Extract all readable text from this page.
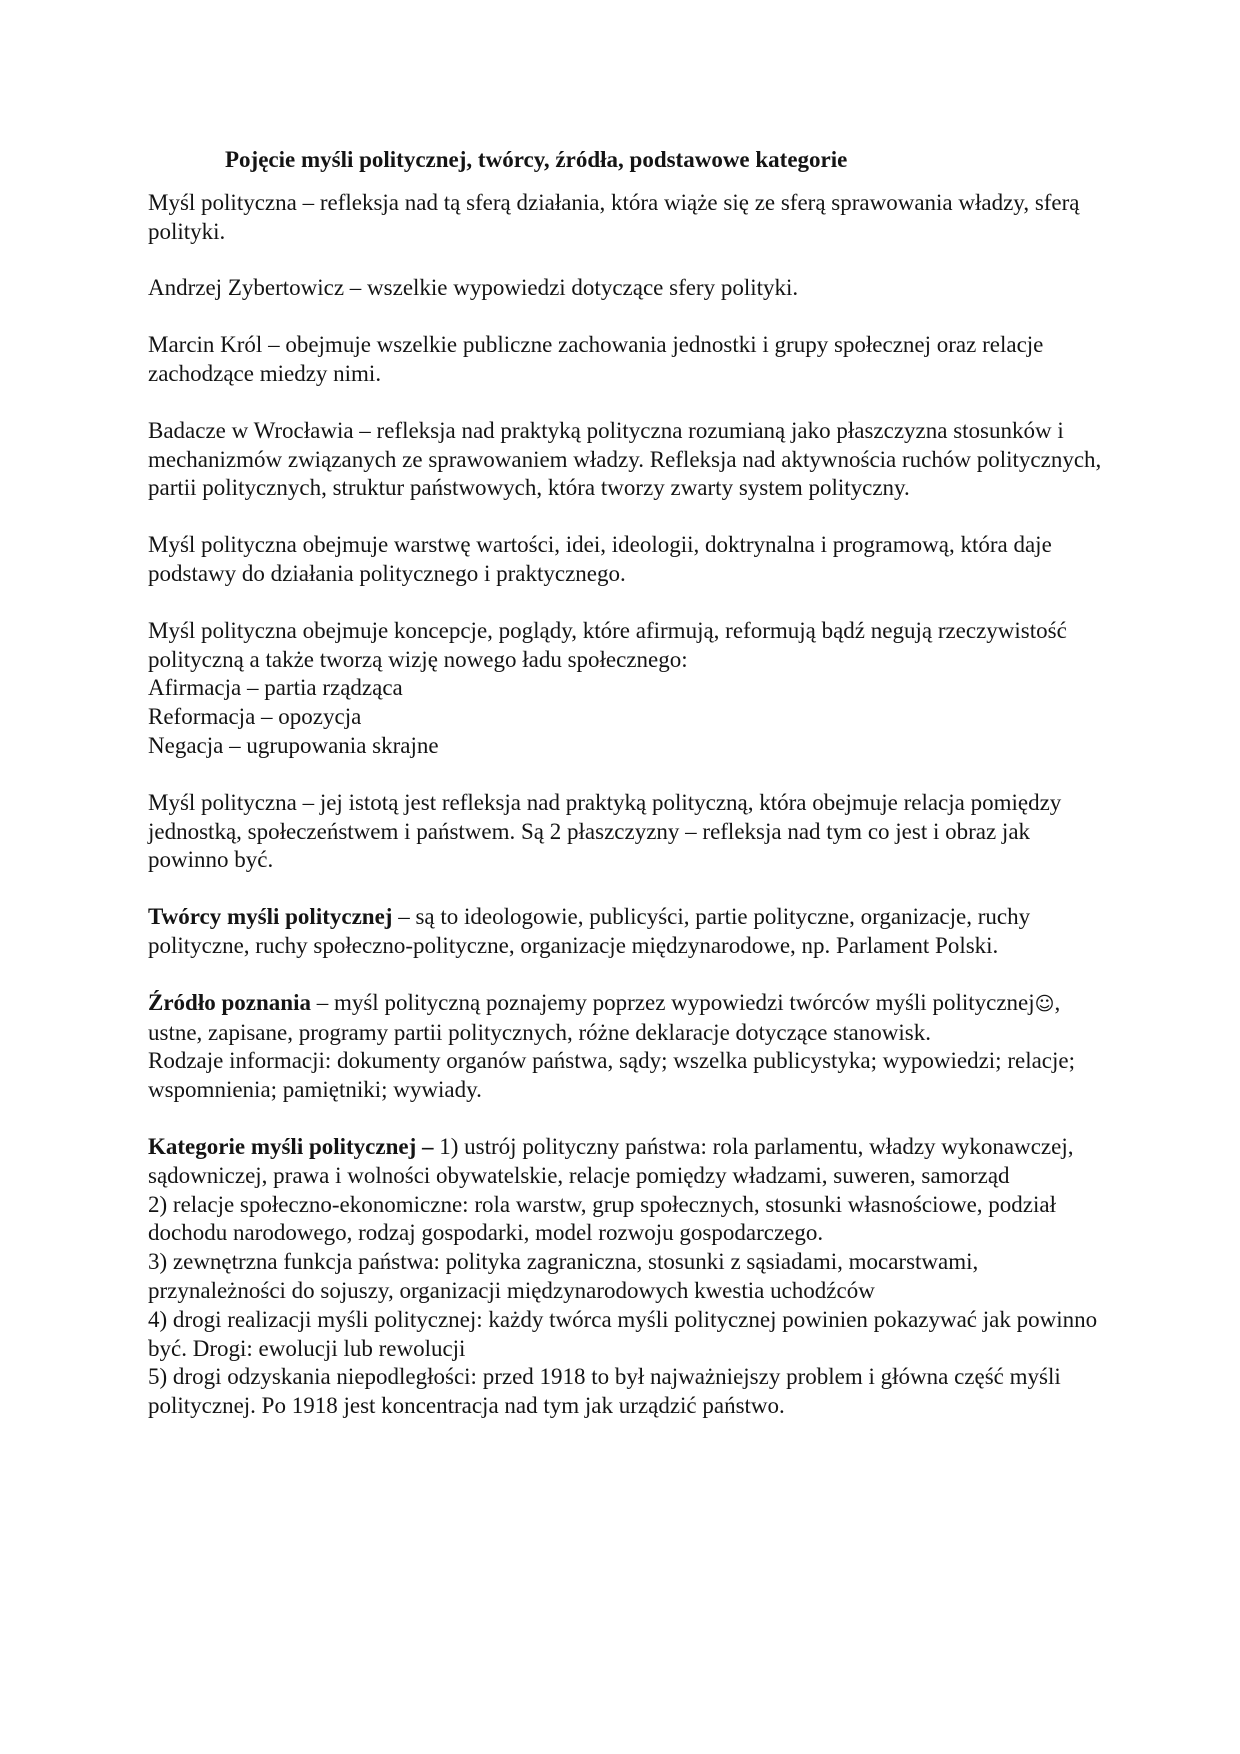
Pojęcie myśli politycznej, twórcy, źródła, podstawowe kategorie

Myśl polityczna – refleksja nad tą sferą działania, która wiąże się ze sferą sprawowania władzy, sferą polityki.

Andrzej Zybertowicz – wszelkie wypowiedzi dotyczące sfery polityki.

Marcin Król – obejmuje wszelkie publiczne zachowania jednostki i grupy społecznej oraz relacje zachodzące miedzy nimi.

Badacze w Wrocławia – refleksja nad praktyką polityczna rozumianą jako płaszczyzna stosunków i mechanizmów związanych ze sprawowaniem władzy. Refleksja nad aktywnościa ruchów politycznych, partii politycznych, struktur państwowych, która tworzy zwarty system polityczny.

Myśl polityczna obejmuje warstwę wartości, idei, ideologii, doktrynalna i programową, która daje podstawy do działania politycznego i praktycznego.

Myśl polityczna obejmuje koncepcje, poglądy, które afirmują, reformują bądź negują rzeczywistość polityczną a także tworzą wizję nowego ładu społecznego:
Afirmacja – partia rządząca
Reformacja – opozycja
Negacja – ugrupowania skrajne

Myśl polityczna – jej istotą jest refleksja nad praktyką polityczną, która obejmuje relacja pomiędzy jednostką, społeczeństwem i państwem. Są 2 płaszczyzny – refleksja nad tym co jest i obraz jak powinno być.

Twórcy myśli politycznej – są to ideologowie, publicyści, partie polityczne, organizacje, ruchy polityczne, ruchy społeczno-polityczne, organizacje międzynarodowe, np. Parlament Polski.

Źródło poznania – myśl polityczną poznajemy poprzez wypowiedzi twórców myśli politycznej☺, ustne, zapisane, programy partii politycznych, różne deklaracje dotyczące stanowisk.
Rodzaje informacji: dokumenty organów państwa, sądy; wszelka publicystyka; wypowiedzi; relacje; wspomnienia; pamiętniki; wywiady.
Kategorie myśli politycznej – 1) ustrój polityczny państwa: rola parlamentu, władzy wykonawczej, sądowniczej, prawa i wolności obywatelskie, relacje pomiędzy władzami, suweren, samorząd
2) relacje społeczno-ekonomiczne: rola warstw, grup społecznych, stosunki własnościowe, podział dochodu narodowego, rodzaj gospodarki, model rozwoju gospodarczego.
3) zewnętrzna funkcja państwa: polityka zagraniczna, stosunki z sąsiadami, mocarstwami, przynależności do sojuszy, organizacji międzynarodowych kwestia uchodźców
4) drogi realizacji myśli politycznej: każdy twórca myśli politycznej powinien pokazywać jak powinno być. Drogi: ewolucji lub rewolucji
5) drogi odzyskania niepodległości: przed 1918 to był najważniejszy problem i główna część myśli politycznej. Po 1918 jest koncentracja nad tym jak urządzić państwo.
